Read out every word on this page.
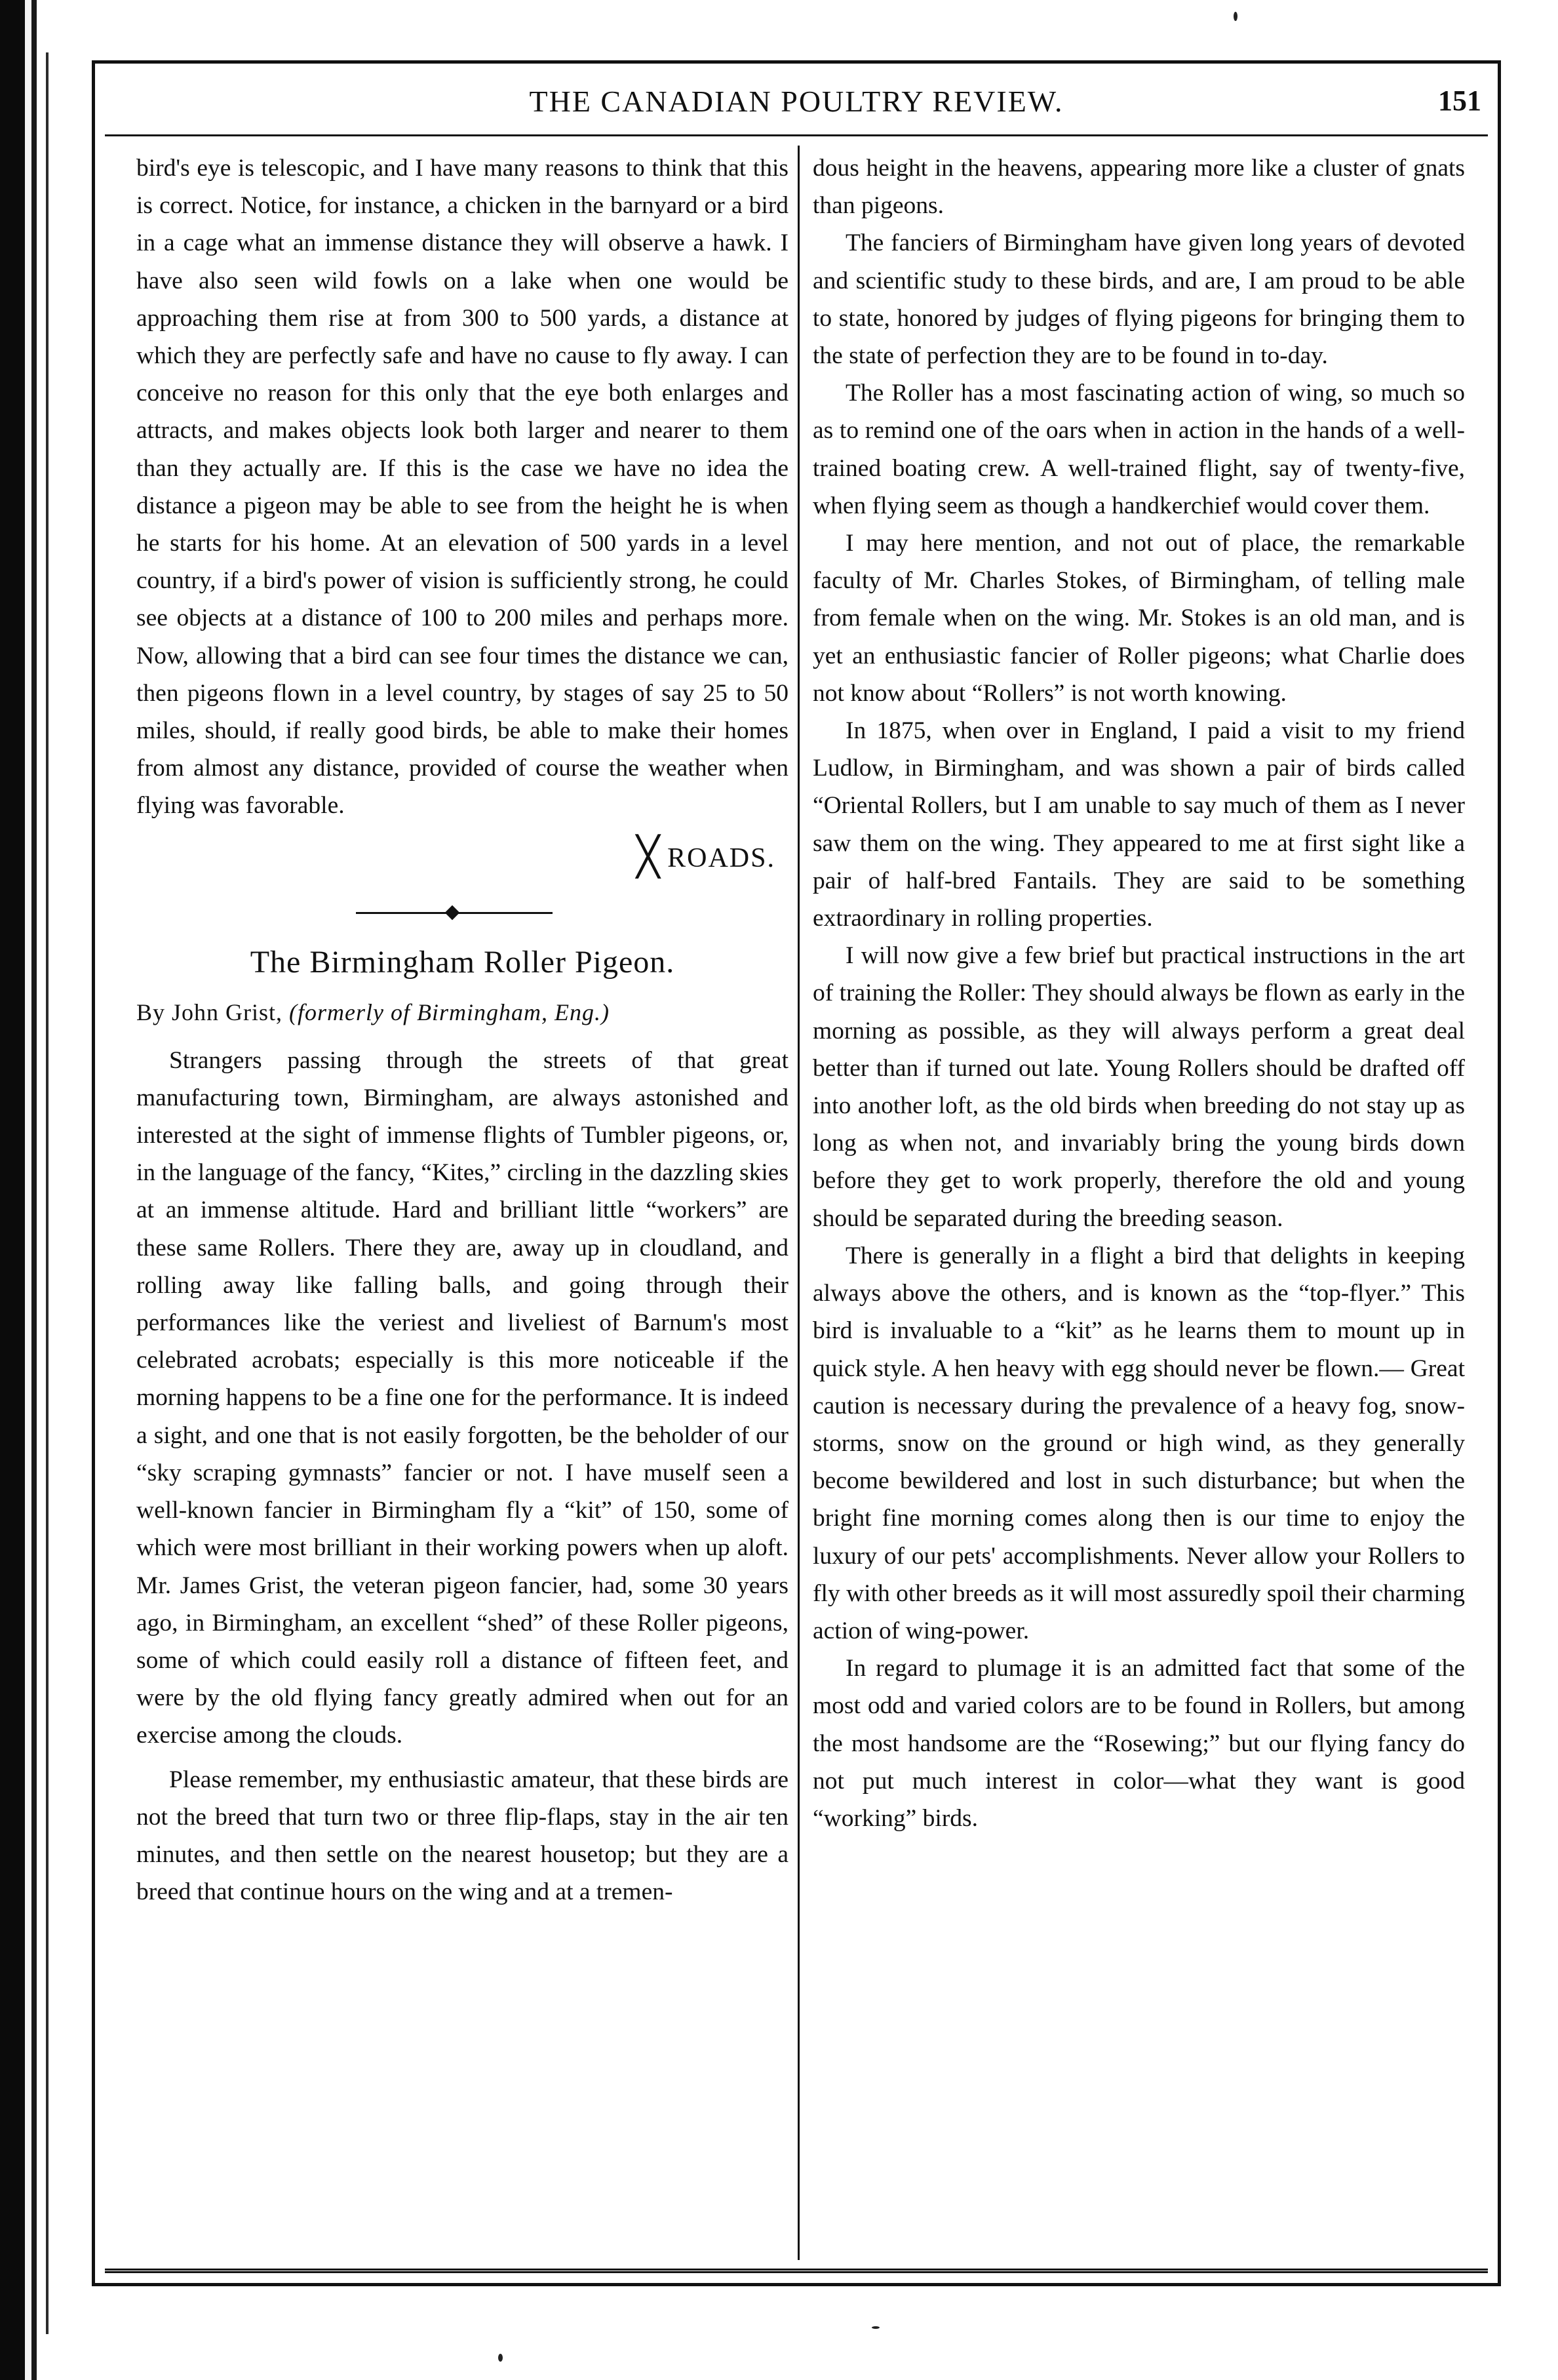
THE CANADIAN POULTRY REVIEW.	151

bird's eye is telescopic, and I have many reasons to think that this is correct. Notice, for instance, a chicken in the barnyard or a bird in a cage what an immense distance they will observe a hawk. I have also seen wild fowls on a lake when one would be approaching them rise at from 300 to 500 yards, a distance at which they are perfectly safe and have no cause to fly away. I can conceive no reason for this only that the eye both enlarges and attracts, and makes objects look both larger and nearer to them than they actually are. If this is the case we have no idea the distance a pigeon may be able to see from the height he is when he starts for his home. At an elevation of 500 yards in a level country, if a bird's power of vision is sufficiently strong, he could see objects at a distance of 100 to 200 miles and perhaps more. Now, allowing that a bird can see four times the distance we can, then pigeons flown in a level country, by stages of say 25 to 50 miles, should, if really good birds, be able to make their homes from almost any distance, provided of course the weather when flying was favorable.

╳ ROADS.
The Birmingham Roller Pigeon.
By John Grist, (formerly of Birmingham, Eng.)

Strangers passing through the streets of that great manufacturing town, Birmingham, are always astonished and interested at the sight of immense flights of Tumbler pigeons, or, in the language of the fancy, “Kites,” circling in the dazzling skies at an immense altitude. Hard and brilliant little “workers” are these same Rollers. There they are, away up in cloudland, and rolling away like falling balls, and going through their performances like the veriest and liveliest of Barnum's most celebrated acrobats; especially is this more noticeable if the morning happens to be a fine one for the performance. It is indeed a sight, and one that is not easily forgotten, be the beholder of our “sky scraping gymnasts” fancier or not. I have muself seen a well-known fancier in Birmingham fly a “kit” of 150, some of which were most brilliant in their working powers when up aloft. Mr. James Grist, the veteran pigeon fancier, had, some 30 years ago, in Birmingham, an excellent “shed” of these Roller pigeons, some of which could easily roll a distance of fifteen feet, and were by the old flying fancy greatly admired when out for an exercise among the clouds.

Please remember, my enthusiastic amateur, that these birds are not the breed that turn two or three flip-flaps, stay in the air ten minutes, and then settle on the nearest housetop; but they are a breed that continue hours on the wing and at a tremen-

dous height in the heavens, appearing more like a cluster of gnats than pigeons.

The fanciers of Birmingham have given long years of devoted and scientific study to these birds, and are, I am proud to be able to state, honored by judges of flying pigeons for bringing them to the state of perfection they are to be found in to-day.

The Roller has a most fascinating action of wing, so much so as to remind one of the oars when in action in the hands of a well-trained boating crew. A well-trained flight, say of twenty-five, when flying seem as though a handkerchief would cover them.

I may here mention, and not out of place, the remarkable faculty of Mr. Charles Stokes, of Birmingham, of telling male from female when on the wing. Mr. Stokes is an old man, and is yet an enthusiastic fancier of Roller pigeons; what Charlie does not know about “Rollers” is not worth knowing.

In 1875, when over in England, I paid a visit to my friend Ludlow, in Birmingham, and was shown a pair of birds called “Oriental Rollers, but I am unable to say much of them as I never saw them on the wing. They appeared to me at first sight like a pair of half-bred Fantails. They are said to be something extraordinary in rolling properties.

I will now give a few brief but practical instructions in the art of training the Roller: They should always be flown as early in the morning as possible, as they will always perform a great deal better than if turned out late. Young Rollers should be drafted off into another loft, as the old birds when breeding do not stay up as long as when not, and invariably bring the young birds down before they get to work properly, therefore the old and young should be separated during the breeding season.

There is generally in a flight a bird that delights in keeping always above the others, and is known as the “top-flyer.” This bird is invaluable to a “kit” as he learns them to mount up in quick style. A hen heavy with egg should never be flown.— Great caution is necessary during the prevalence of a heavy fog, snow-storms, snow on the ground or high wind, as they generally become bewildered and lost in such disturbance; but when the bright fine morning comes along then is our time to enjoy the luxury of our pets' accomplishments. Never allow your Rollers to fly with other breeds as it will most assuredly spoil their charming action of wing-power.

In regard to plumage it is an admitted fact that some of the most odd and varied colors are to be found in Rollers, but among the most handsome are the “Rosewing;” but our flying fancy do not put much interest in color—what they want is good “working” birds.
